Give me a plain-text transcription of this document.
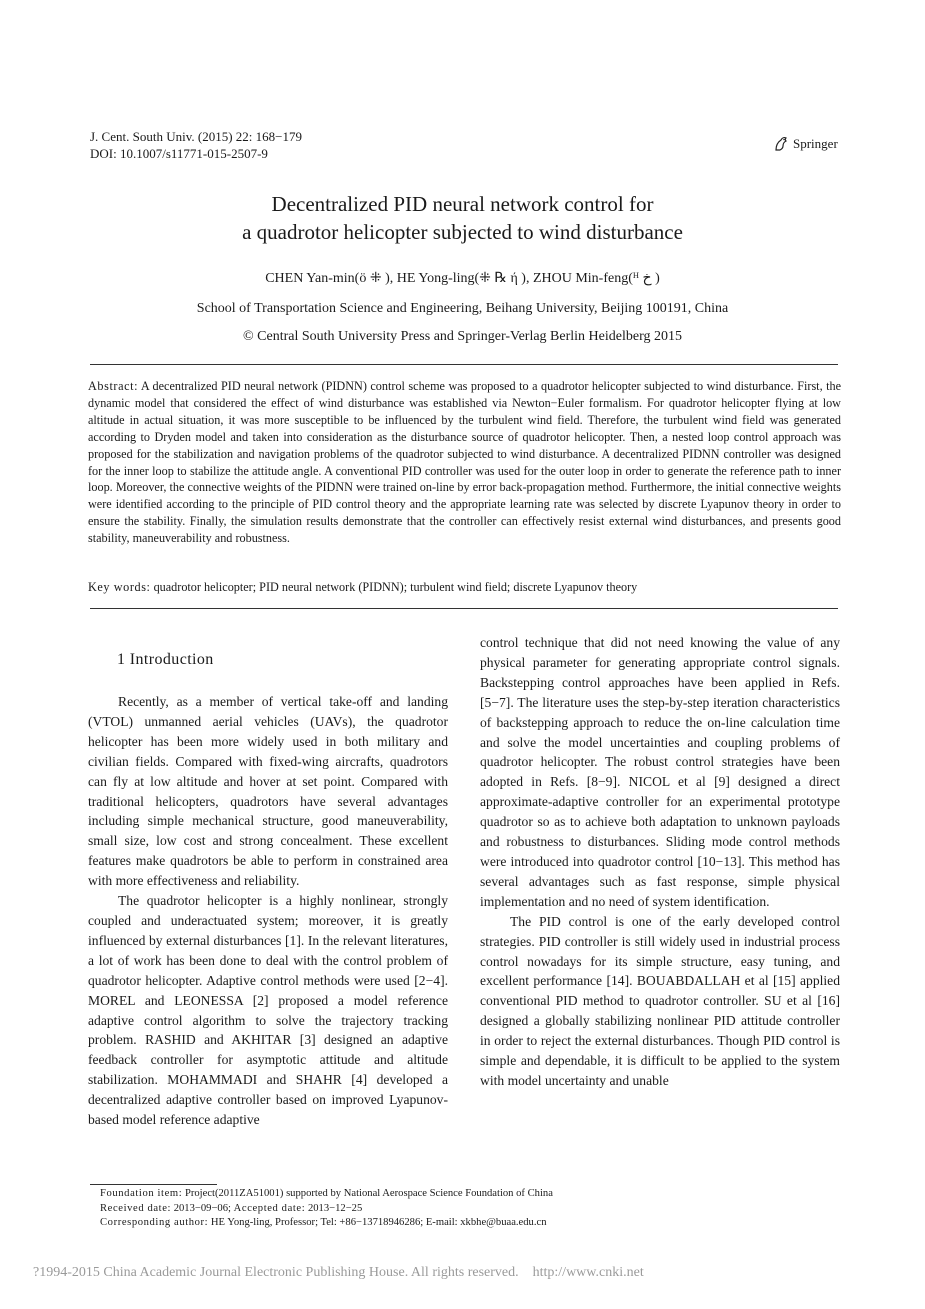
J. Cent. South Univ. (2015) 22: 168−179
DOI: 10.1007/s11771-015-2507-9
Springer
Decentralized PID neural network control for
a quadrotor helicopter subjected to wind disturbance
CHEN Yan-min(ö ⁜ ), HE Yong-ling(⁜ ℞ ή ), ZHOU Min-feng(ᴴ خ )
School of Transportation Science and Engineering, Beihang University, Beijing 100191, China
© Central South University Press and Springer-Verlag Berlin Heidelberg 2015
Abstract: A decentralized PID neural network (PIDNN) control scheme was proposed to a quadrotor helicopter subjected to wind disturbance. First, the dynamic model that considered the effect of wind disturbance was established via Newton−Euler formalism. For quadrotor helicopter flying at low altitude in actual situation, it was more susceptible to be influenced by the turbulent wind field. Therefore, the turbulent wind field was generated according to Dryden model and taken into consideration as the disturbance source of quadrotor helicopter. Then, a nested loop control approach was proposed for the stabilization and navigation problems of the quadrotor subjected to wind disturbance. A decentralized PIDNN controller was designed for the inner loop to stabilize the attitude angle. A conventional PID controller was used for the outer loop in order to generate the reference path to inner loop. Moreover, the connective weights of the PIDNN were trained on-line by error back-propagation method. Furthermore, the initial connective weights were identified according to the principle of PID control theory and the appropriate learning rate was selected by discrete Lyapunov theory in order to ensure the stability. Finally, the simulation results demonstrate that the controller can effectively resist external wind disturbances, and presents good stability, maneuverability and robustness.
Key words: quadrotor helicopter; PID neural network (PIDNN); turbulent wind field; discrete Lyapunov theory
1 Introduction

Recently, as a member of vertical take-off and landing (VTOL) unmanned aerial vehicles (UAVs), the quadrotor helicopter has been more widely used in both military and civilian fields. Compared with fixed-wing aircrafts, quadrotors can fly at low altitude and hover at set point. Compared with traditional helicopters, quadrotors have several advantages including simple mechanical structure, good maneuverability, small size, low cost and strong concealment. These excellent features make quadrotors be able to perform in constrained area with more effectiveness and reliability.

The quadrotor helicopter is a highly nonlinear, strongly coupled and underactuated system; moreover, it is greatly influenced by external disturbances [1]. In the relevant literatures, a lot of work has been done to deal with the control problem of quadrotor helicopter. Adaptive control methods were used [2−4]. MOREL and LEONESSA [2] proposed a model reference adaptive control algorithm to solve the trajectory tracking problem. RASHID and AKHITAR [3] designed an adaptive feedback controller for asymptotic attitude and altitude stabilization. MOHAMMADI and SHAHR [4] developed a decentralized adaptive controller based on improved Lyapunov-based model reference adaptive

control technique that did not need knowing the value of any physical parameter for generating appropriate control signals. Backstepping control approaches have been applied in Refs. [5−7]. The literature uses the step-by-step iteration characteristics of backstepping approach to reduce the on-line calculation time and solve the model uncertainties and coupling problems of quadrotor helicopter. The robust control strategies have been adopted in Refs. [8−9]. NICOL et al [9] designed a direct approximate-adaptive controller for an experimental prototype quadrotor so as to achieve both adaptation to unknown payloads and robustness to disturbances. Sliding mode control methods were introduced into quadrotor control [10−13]. This method has several advantages such as fast response, simple physical implementation and no need of system identification.

The PID control is one of the early developed control strategies. PID controller is still widely used in industrial process control nowadays for its simple structure, easy tuning, and excellent performance [14]. BOUABDALLAH et al [15] applied conventional PID method to quadrotor controller. SU et al [16] designed a globally stabilizing nonlinear PID attitude controller in order to reject the external disturbances. Though PID control is simple and dependable, it is difficult to be applied to the system with model uncertainty and unable

Foundation item: Project(2011ZA51001) supported by National Aerospace Science Foundation of China
Received date: 2013−09−06; Accepted date: 2013−12−25
Corresponding author: HE Yong-ling, Professor; Tel: +86−13718946286; E-mail: xkbhe@buaa.edu.cn
?1994-2015 China Academic Journal Electronic Publishing House. All rights reserved.    http://www.cnki.net
